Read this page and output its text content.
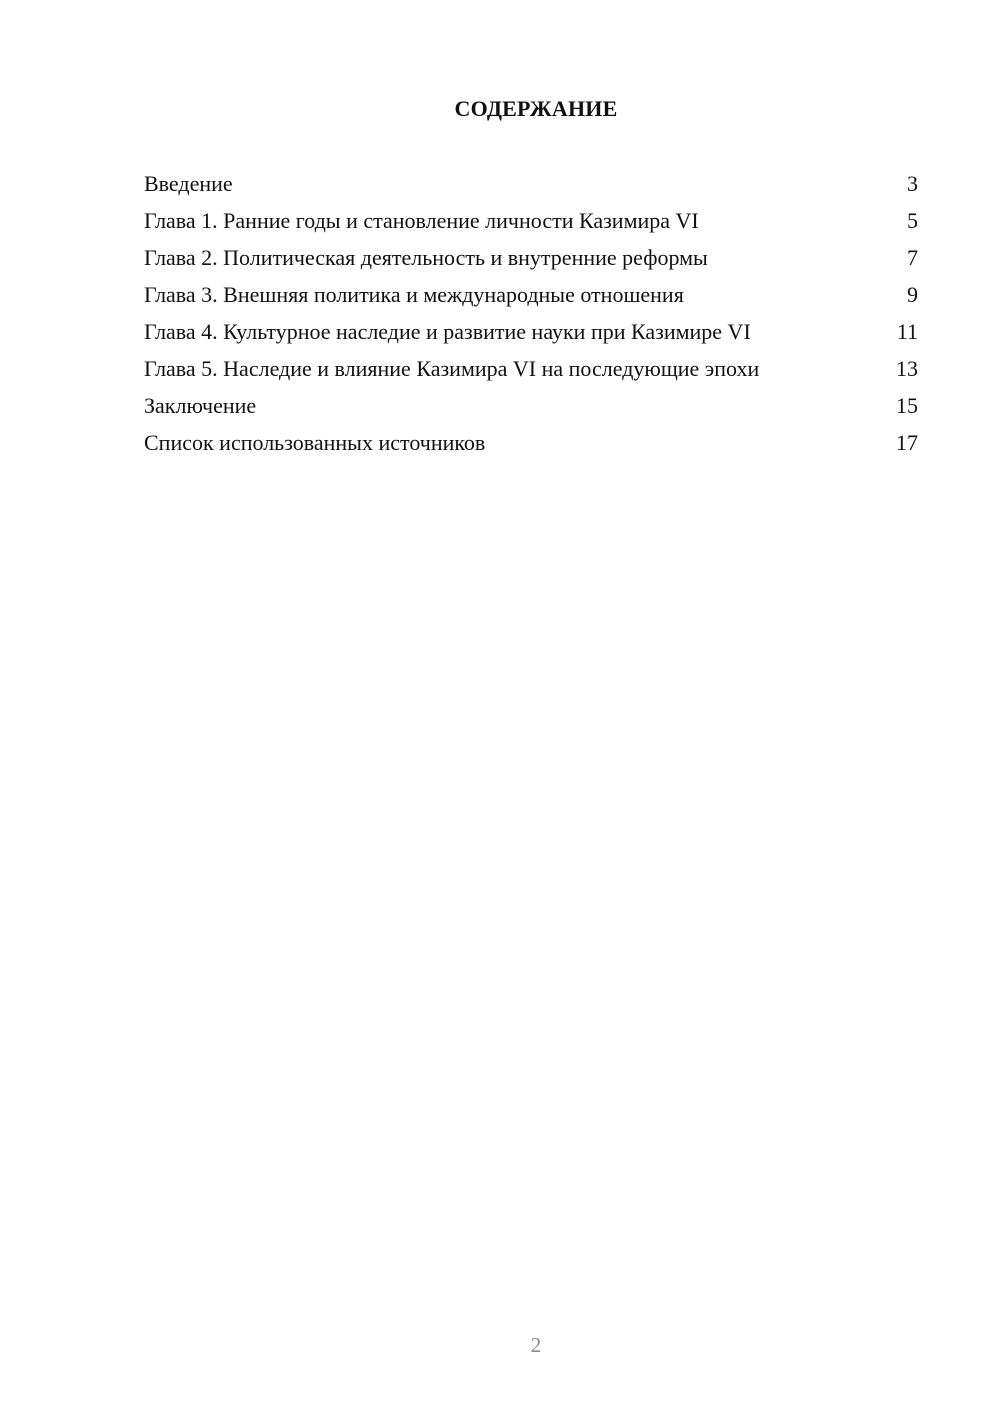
СОДЕРЖАНИЕ
Введение	3
Глава 1. Ранние годы и становление личности Казимира VI	5
Глава 2. Политическая деятельность и внутренние реформы	7
Глава 3. Внешняя политика и международные отношения	9
Глава 4. Культурное наследие и развитие науки при Казимире VI	11
Глава 5. Наследие и влияние Казимира VI на последующие эпохи	13
Заключение	15
Список использованных источников	17
2
